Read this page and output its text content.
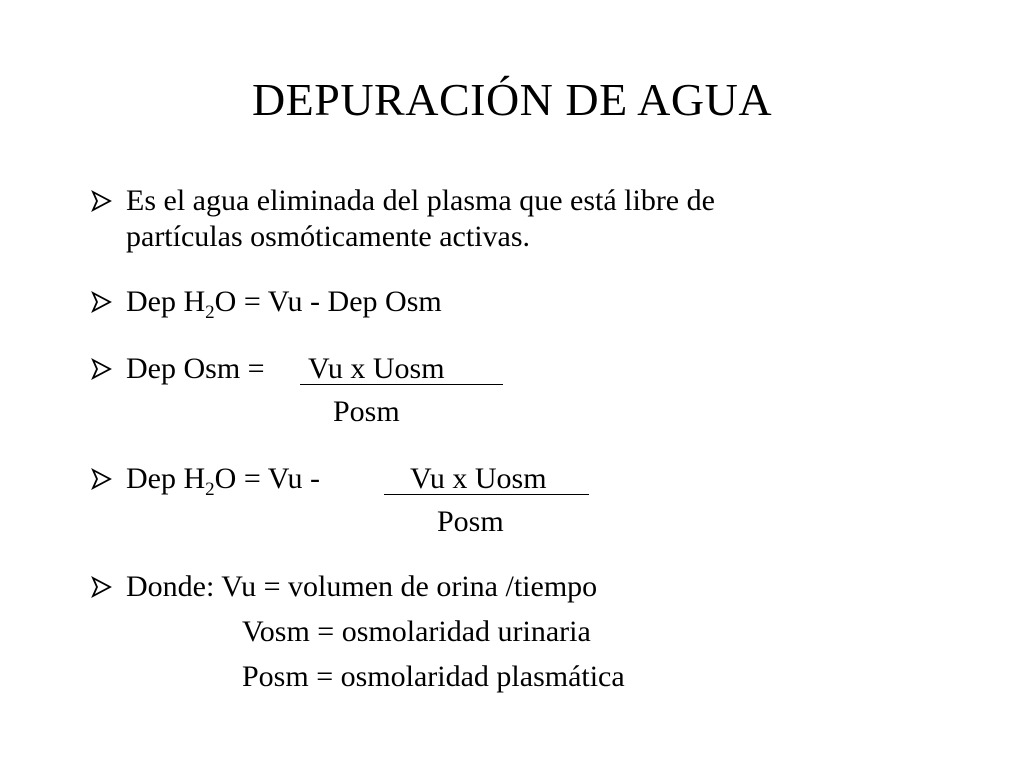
DEPURACIÓN DE AGUA
Es el agua eliminada del plasma que está libre de
partículas osmóticamente activas.
Dep $H_2O = Vu$ - Dep Osm
Dep Osm = Vu x Uosm
Posm
Dep $H_2O = Vu$ -	Vu x Uosm
Posm
Donde: Vu = volumen de orina /tiempo
Vosm = osmolaridad urinaria
Posm = osmolaridad plasmática
